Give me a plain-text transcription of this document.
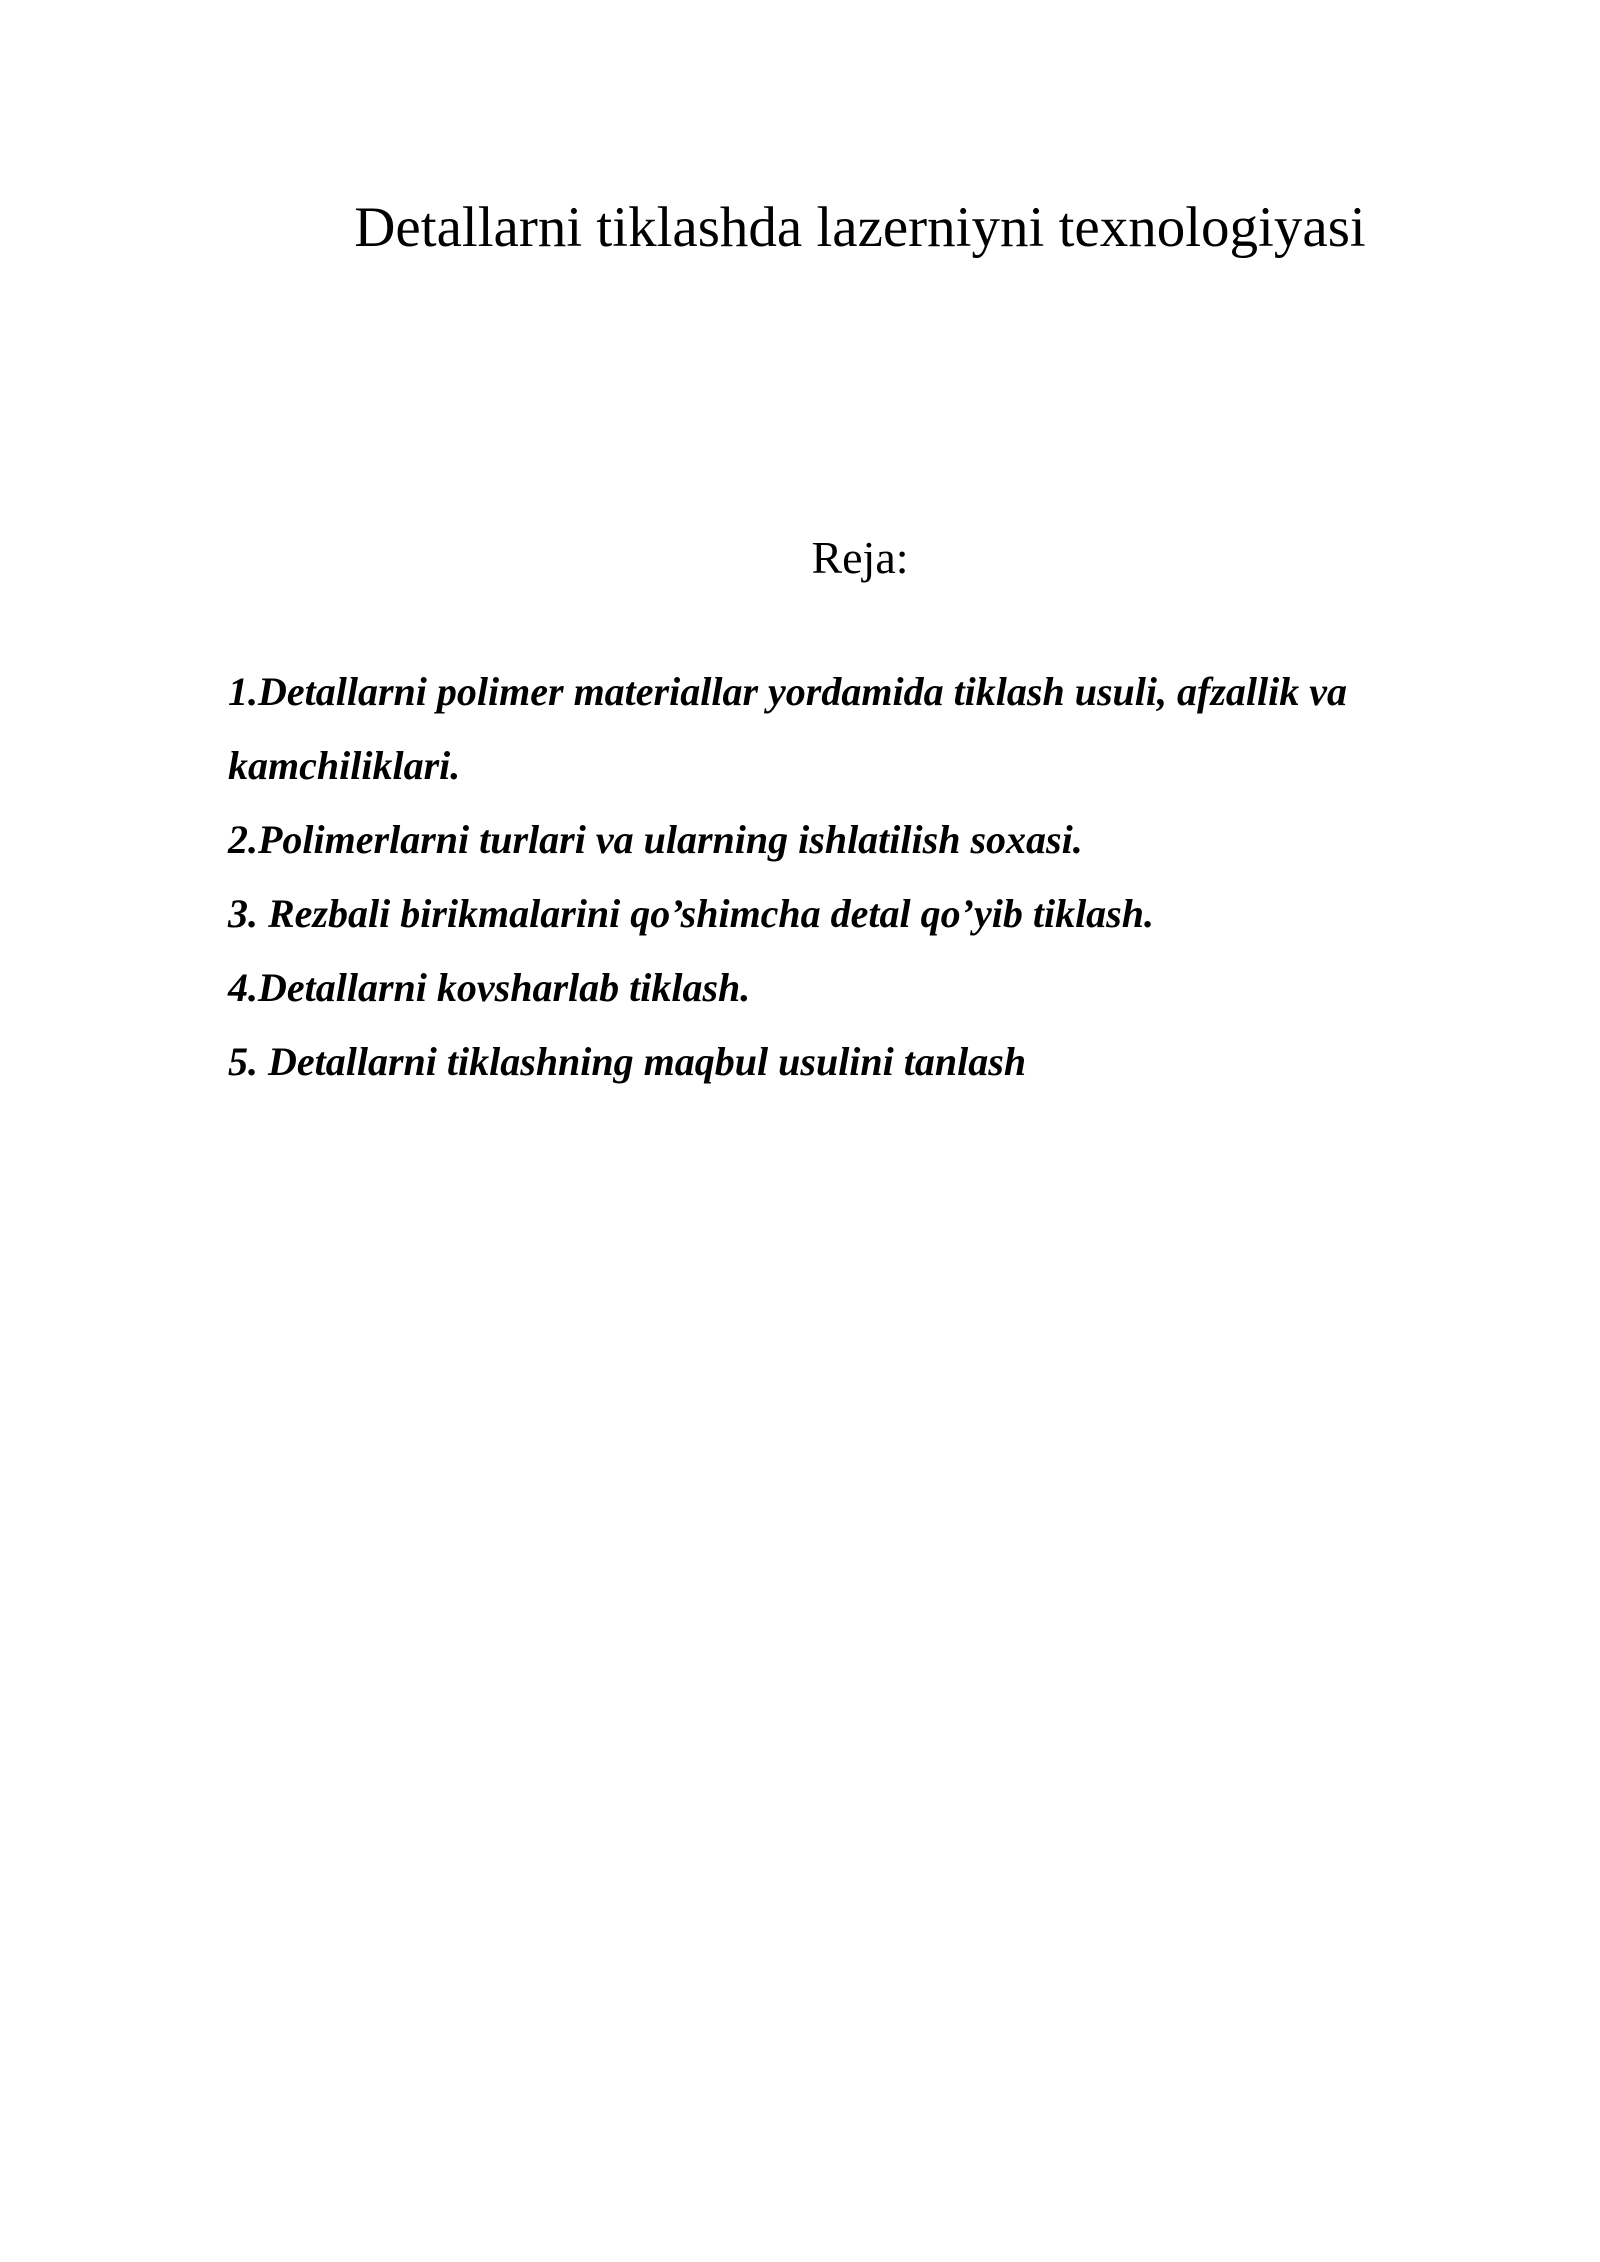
Detallarni tiklashda lazerniyni texnologiyasi
Reja:
1.Detallarni polimer materiallar yordamida tiklash usuli, afzallik va kamchiliklari.
2.Polimerlarni turlari va ularning ishlatilish soxasi.
3. Rezbali birikmalarini qo’shimcha detal qo’yib tiklash.
4.Detallarni kovsharlab tiklash.
5. Detallarni tiklashning maqbul usulini tanlash
